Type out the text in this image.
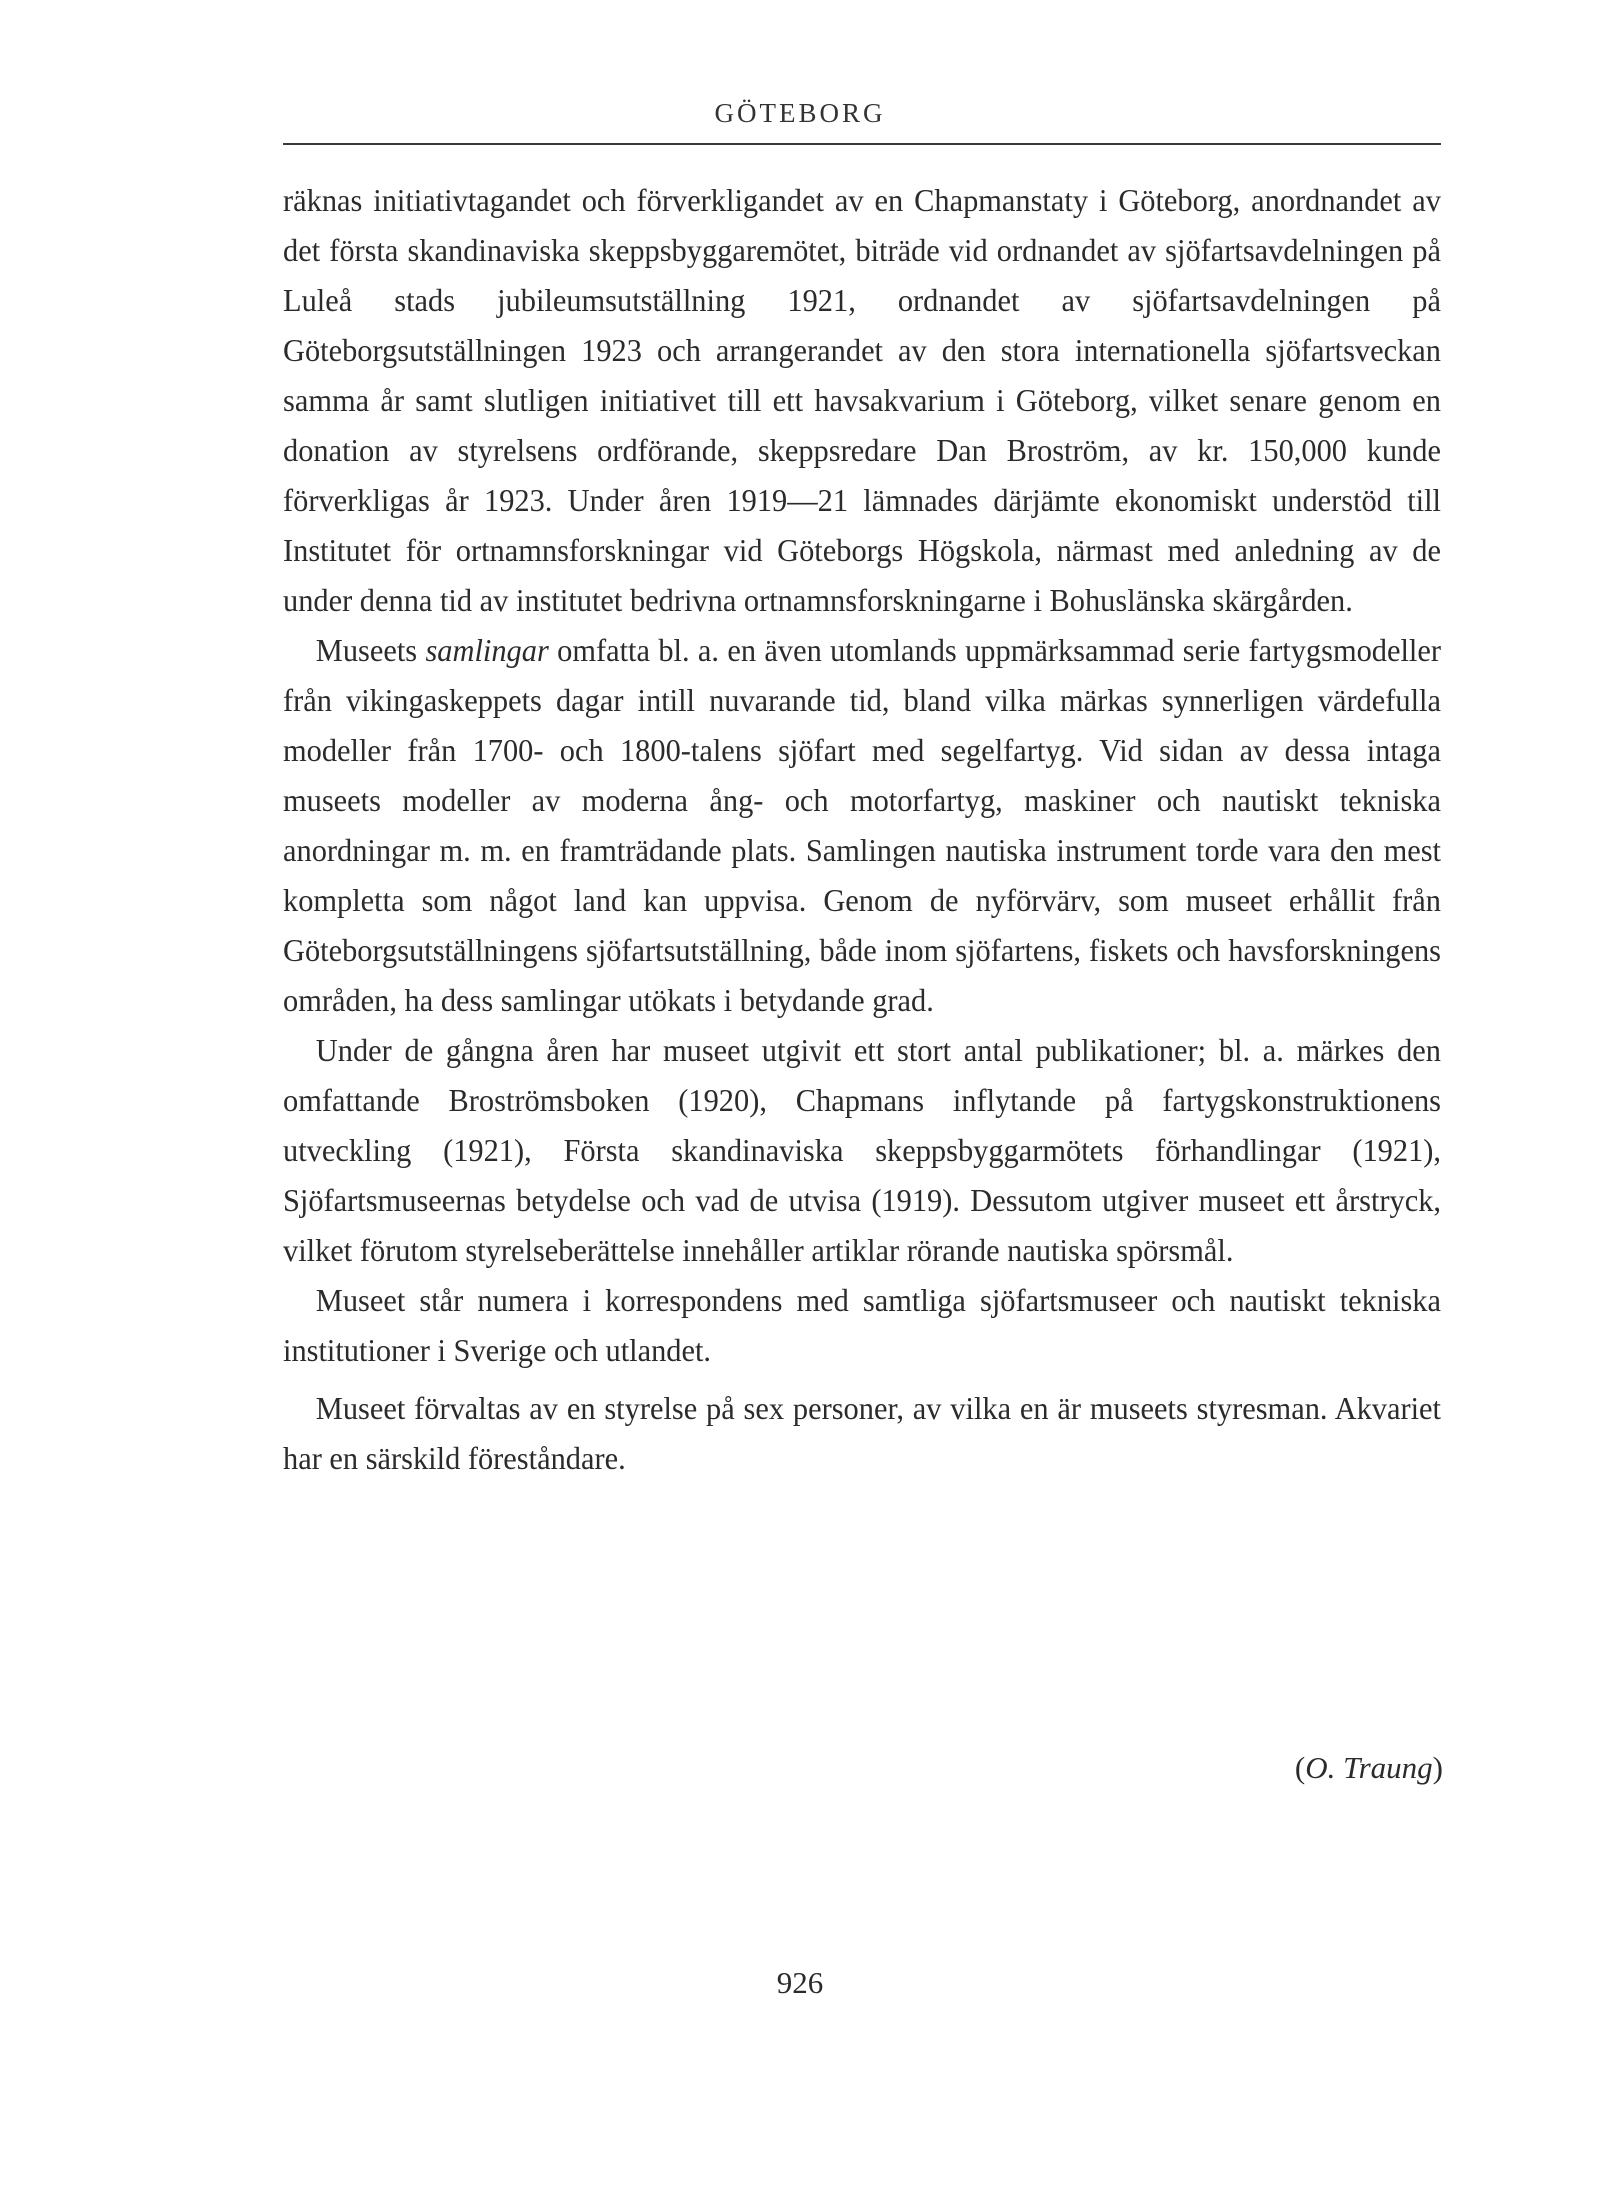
GÖTEBORG

räknas initiativtagandet och förverkligandet av en Chapmanstaty i Göteborg, anordnandet av det första skandinaviska skeppsbyggaremötet, biträde vid ordnandet av sjöfartsavdelningen på Luleå stads jubileumsutställning 1921, ordnandet av sjöfartsavdelningen på Göteborgsutställningen 1923 och arrangerandet av den stora internationella sjöfartsveckan samma år samt slutligen initiativet till ett havsakvarium i Göteborg, vilket senare genom en donation av styrelsens ordförande, skeppsredare Dan Broström, av kr. 150,000 kunde förverkligas år 1923. Under åren 1919—21 lämnades därjämte ekonomiskt understöd till Institutet för ortnamnsforskningar vid Göteborgs Högskola, närmast med anledning av de under denna tid av institutet bedrivna ortnamnsforskningarne i Bohuslänska skärgården.

Museets samlingar omfatta bl. a. en även utomlands uppmärksammad serie fartygsmodeller från vikingaskeppets dagar intill nuvarande tid, bland vilka märkas synnerligen värdefulla modeller från 1700- och 1800-talens sjöfart med segelfartyg. Vid sidan av dessa intaga museets modeller av moderna ång- och motorfartyg, maskiner och nautiskt tekniska anordningar m. m. en framträdande plats. Samlingen nautiska instrument torde vara den mest kompletta som något land kan uppvisa. Genom de nyförvärv, som museet erhållit från Göteborgsutställningens sjöfartsutställning, både inom sjöfartens, fiskets och havsforskningens områden, ha dess samlingar utökats i betydande grad.

Under de gångna åren har museet utgivit ett stort antal publikationer; bl. a. märkes den omfattande Broströmsboken (1920), Chapmans inflytande på fartygskonstruktionens utveckling (1921), Första skandinaviska skeppsbyggarmötets förhandlingar (1921), Sjöfartsmuseernas betydelse och vad de utvisa (1919). Dessutom utgiver museet ett årstryck, vilket förutom styrelseberättelse innehåller artiklar rörande nautiska spörsmål.

Museet står numera i korrespondens med samtliga sjöfartsmuseer och nautiskt tekniska institutioner i Sverige och utlandet.

Museet förvaltas av en styrelse på sex personer, av vilka en är museets styresman. Akvariet har en särskild föreståndare.

(O. Traung)
926
